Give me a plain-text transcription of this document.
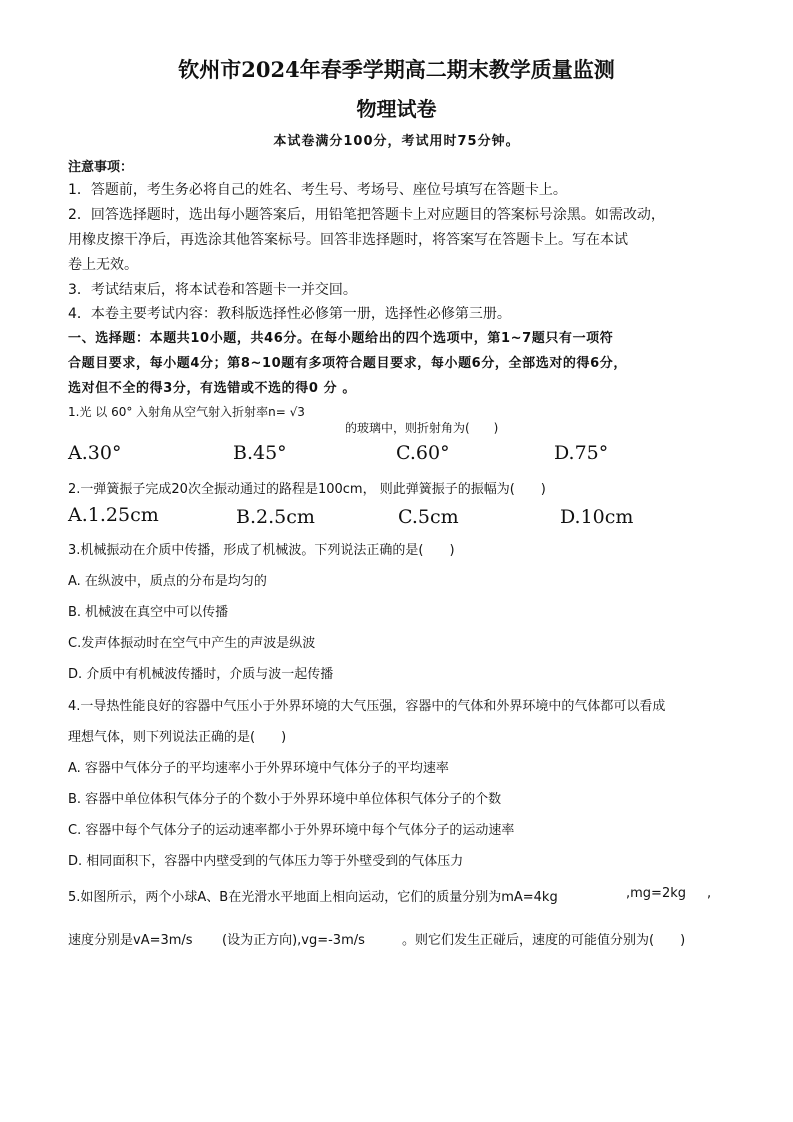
钦州市2024年春季学期高二期末教学质量监测
物理试卷
本试卷满分100分，考试用时75分钟。
注意事项：
1．答题前，考生务必将自己的姓名、考生号、考场号、座位号填写在答题卡上。
2．回答选择题时，选出每小题答案后，用铅笔把答题卡上对应题目的答案标号涂黑。如需改动，
用橡皮擦干净后，再选涂其他答案标号。回答非选择题时，将答案写在答题卡上。写在本试
卷上无效。
3．考试结束后，将本试卷和答题卡一并交回。
4．本卷主要考试内容：教科版选择性必修第一册，选择性必修第三册。
一、选择题：本题共10小题，共46分。在每小题给出的四个选项中，第1~7题只有一项符
合题目要求，每小题4分；第8~10题有多项符合题目要求，每小题6分，全部选对的得6分，
选对但不全的得3分，有选错或不选的得0 分 。
1.光 以 60° 入射角从空气射入折射率n= √3
的玻璃中，则折射角为(　　)
A.30°	B.45°	C.60°	D.75°
2.一弹簧振子完成20次全振动通过的路程是100cm， 则此弹簧振子的振幅为(　　)
A.1.25cm	B.2.5cm	C.5cm	D.10cm
3.机械振动在介质中传播，形成了机械波。下列说法正确的是(　　)
A. 在纵波中，质点的分布是均匀的
B. 机械波在真空中可以传播
C.发声体振动时在空气中产生的声波是纵波
D. 介质中有机械波传播时，介质与波一起传播
4.一导热性能良好的容器中气压小于外界环境的大气压强，容器中的气体和外界环境中的气体都可以看成
理想气体，则下列说法正确的是(　　)
A. 容器中气体分子的平均速率小于外界环境中气体分子的平均速率
B. 容器中单位体积气体分子的个数小于外界环境中单位体积气体分子的个数
C. 容器中每个气体分子的运动速率都小于外界环境中每个气体分子的运动速率
D. 相同面积下，容器中内壁受到的气体压力等于外壁受到的气体压力
5.如图所示，两个小球A、B在光滑水平地面上相向运动，它们的质量分别为mA=4kg	,mg=2kg ,
速度分别是vA=3m/s (设为正方向),vg=-3m/s	。则它们发生正碰后，速度的可能值分别为(　　)
